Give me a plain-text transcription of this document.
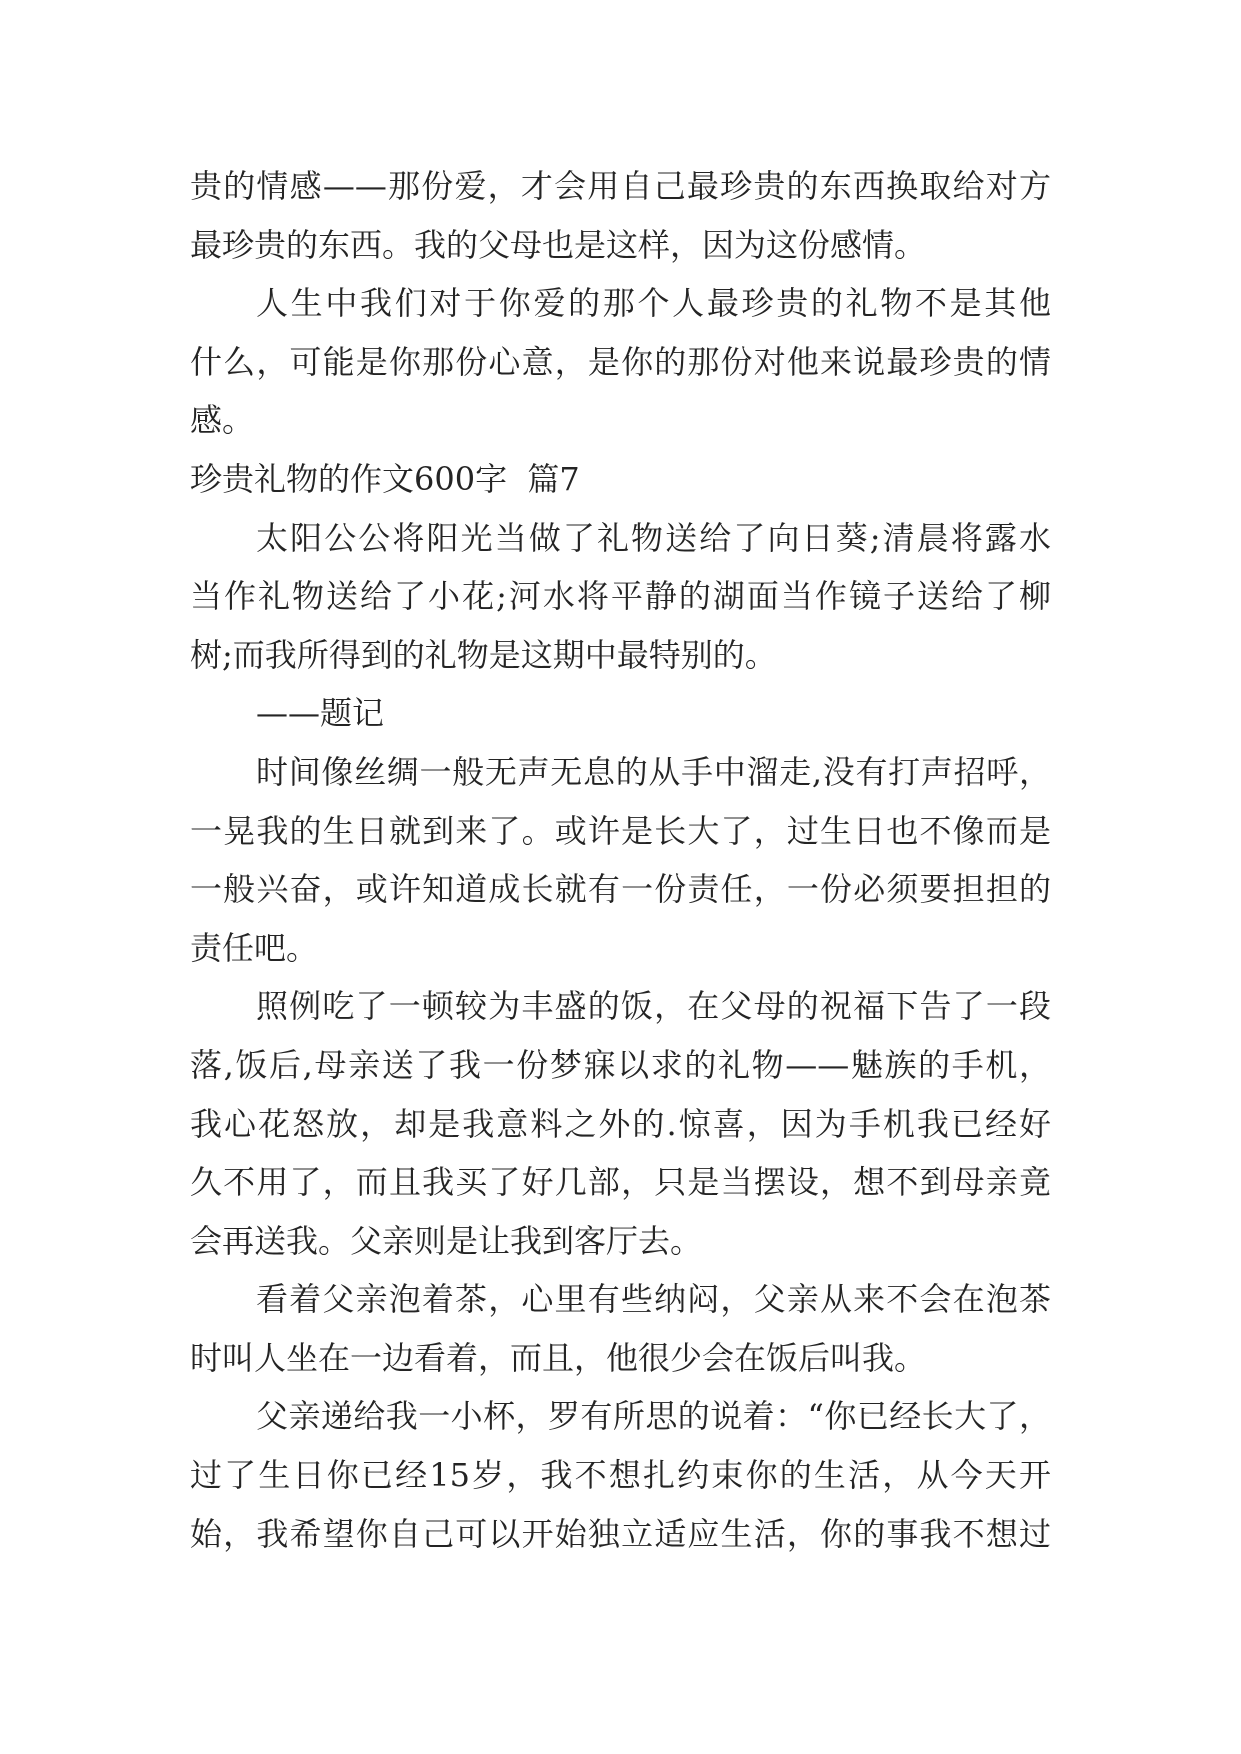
贵的情感——那份爱，才会用自己最珍贵的东西换取给对方
最珍贵的东西。我的父母也是这样，因为这份感情。
人生中我们对于你爱的那个人最珍贵的礼物不是其他
什么，可能是你那份心意，是你的那份对他来说最珍贵的情
感。
珍贵礼物的作文600字  篇7
太阳公公将阳光当做了礼物送给了向日葵;清晨将露水
当作礼物送给了小花;河水将平静的湖面当作镜子送给了柳
树;而我所得到的礼物是这期中最特别的。
——题记
时间像丝绸一般无声无息的从手中溜走,没有打声招呼，
一晃我的生日就到来了。或许是长大了，过生日也不像而是
一般兴奋，或许知道成长就有一份责任，一份必须要担担的
责任吧。
照例吃了一顿较为丰盛的饭，在父母的祝福下告了一段
落,饭后,母亲送了我一份梦寐以求的礼物——魅族的手机，
我心花怒放，却是我意料之外的.惊喜，因为手机我已经好
久不用了，而且我买了好几部，只是当摆设，想不到母亲竟
会再送我。父亲则是让我到客厅去。
看着父亲泡着茶，心里有些纳闷，父亲从来不会在泡茶
时叫人坐在一边看着，而且，他很少会在饭后叫我。
父亲递给我一小杯，罗有所思的说着：“你已经长大了，
过了生日你已经15岁，我不想扎约束你的生活，从今天开
始，我希望你自己可以开始独立适应生活，你的事我不想过
